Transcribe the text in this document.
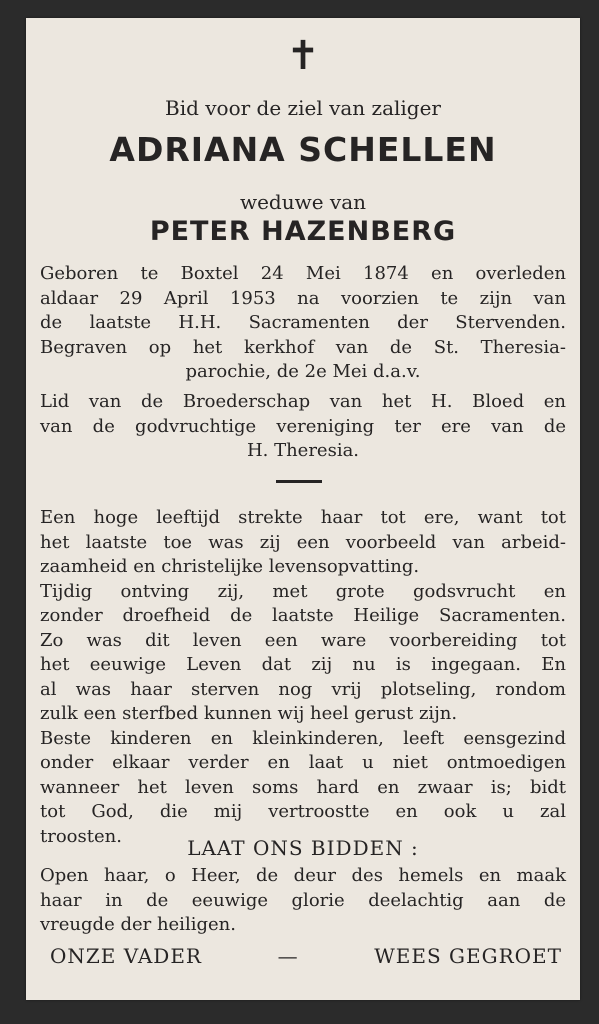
✝
Bid voor de ziel van zaliger
ADRIANA SCHELLEN
weduwe van
PETER HAZENBERG
Geboren te Boxtel 24 Mei 1874 en overleden
aldaar 29 April 1953 na voorzien te zijn van
de laatste H.H. Sacramenten der Stervenden.
Begraven op het kerkhof van de St. Theresia-
parochie, de 2e Mei d.a.v.
Lid van de Broederschap van het H. Bloed en
van de godvruchtige vereniging ter ere van de
H. Theresia.
Een hoge leeftijd strekte haar tot ere, want tot
het laatste toe was zij een voorbeeld van arbeid-
zaamheid en christelijke levensopvatting.
Tijdig ontving zij, met grote godsvrucht en
zonder droefheid de laatste Heilige Sacramenten.
Zo was dit leven een ware voorbereiding tot
het eeuwige Leven dat zij nu is ingegaan. En
al was haar sterven nog vrij plotseling, rondom
zulk een sterfbed kunnen wij heel gerust zijn.
Beste kinderen en kleinkinderen, leeft eensgezind
onder elkaar verder en laat u niet ontmoedigen
wanneer het leven soms hard en zwaar is; bidt
tot God, die mij vertroostte en ook u zal
troosten.	LAAT ONS BIDDEN :
Open haar, o Heer, de deur des hemels en maak
haar in de eeuwige glorie deelachtig aan de
vreugde der heiligen.
ONZE VADER	—	WEES GEGROET
